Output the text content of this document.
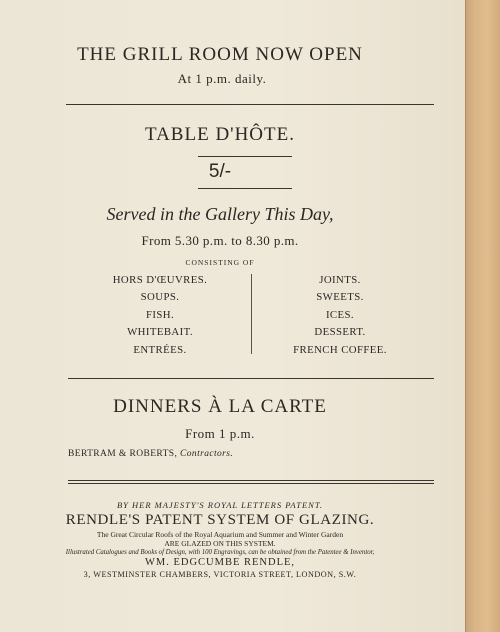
THE GRILL ROOM NOW OPEN
At 1 p.m. daily.
TABLE D'HÔTE.
5/-
Served in the Gallery This Day,
From 5.30 p.m. to 8.30 p.m.
CONSISTING OF
HORS D'ŒUVRES.
SOUPS.
FISH.
WHITEBAIT.
ENTRÉES.
JOINTS.
SWEETS.
ICES.
DESSERT.
FRENCH COFFEE.
DINNERS À LA CARTE
From 1 p.m.
BERTRAM & ROBERTS, Contractors.
BY HER MAJESTY'S ROYAL LETTERS PATENT.
RENDLE'S PATENT SYSTEM OF GLAZING.
The Great Circular Roofs of the Royal Aquarium and Summer and Winter Garden
ARE GLAZED ON THIS SYSTEM.
Illustrated Catalogues and Books of Design, with 100 Engravings, can be obtained from the Patentee & Inventor,
WM. EDGCUMBE RENDLE,
3, WESTMINSTER CHAMBERS, VICTORIA STREET, LONDON, S.W.
